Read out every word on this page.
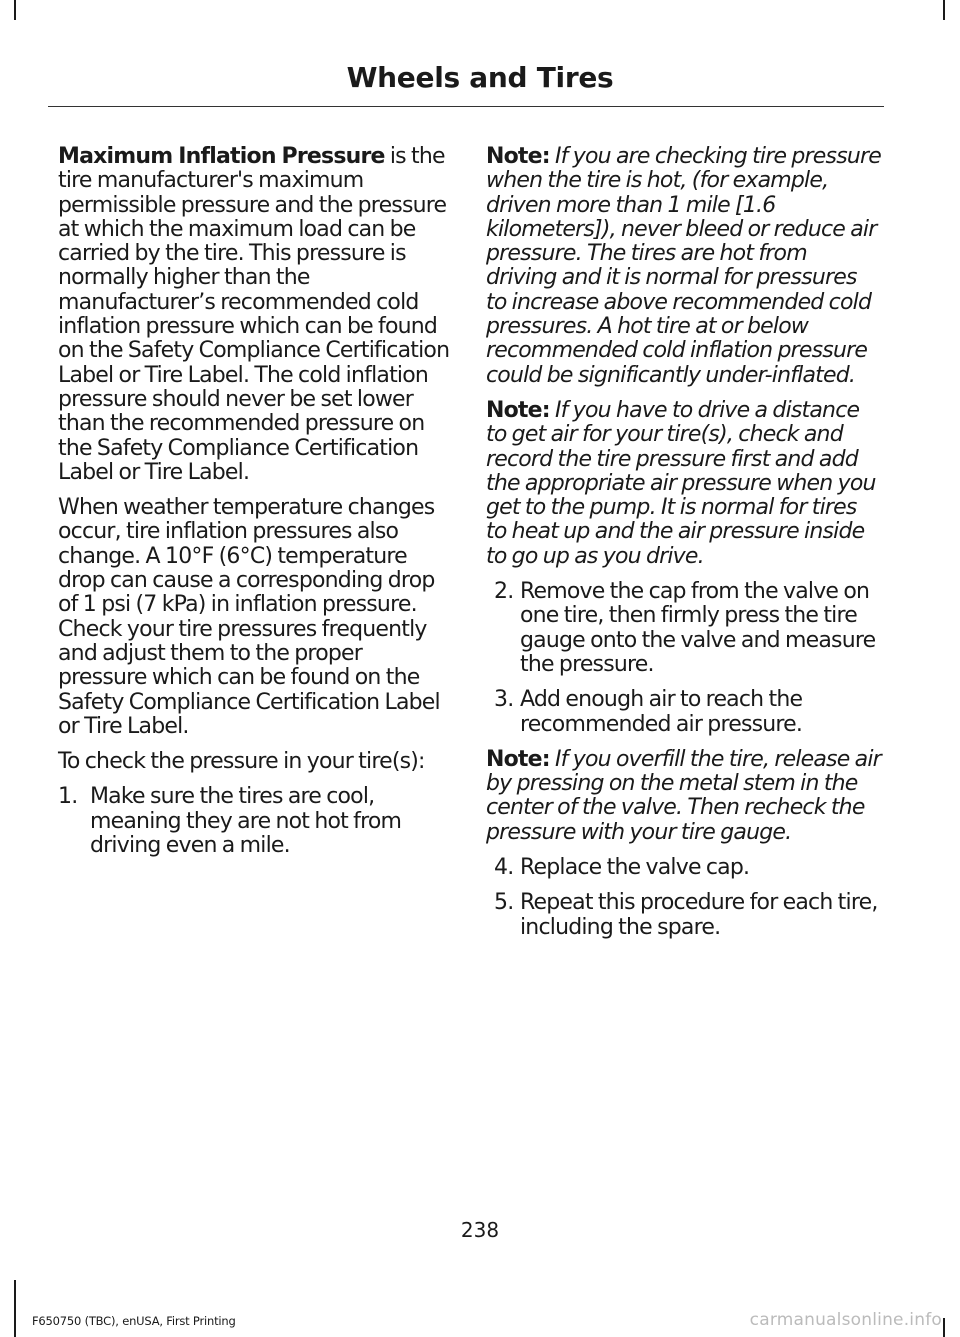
Wheels and Tires

Maximum Inflation Pressure is the tire manufacturer's maximum permissible pressure and the pressure at which the maximum load can be carried by the tire. This pressure is normally higher than the manufacturer’s recommended cold inflation pressure which can be found on the Safety Compliance Certification Label or Tire Label. The cold inflation pressure should never be set lower than the recommended pressure on the Safety Compliance Certification Label or Tire Label.

When weather temperature changes occur, tire inflation pressures also change. A 10°F (6°C) temperature drop can cause a corresponding drop of 1 psi (7 kPa) in inflation pressure. Check your tire pressures frequently and adjust them to the proper pressure which can be found on the Safety Compliance Certification Label or Tire Label.

To check the pressure in your tire(s):

1. Make sure the tires are cool, meaning they are not hot from driving even a mile.

Note: If you are checking tire pressure when the tire is hot, (for example, driven more than 1 mile [1.6 kilometers]), never bleed or reduce air pressure. The tires are hot from driving and it is normal for pressures to increase above recommended cold pressures. A hot tire at or below recommended cold inflation pressure could be significantly under-inflated.

Note: If you have to drive a distance to get air for your tire(s), check and record the tire pressure first and add the appropriate air pressure when you get to the pump. It is normal for tires to heat up and the air pressure inside to go up as you drive.

2. Remove the cap from the valve on one tire, then firmly press the tire gauge onto the valve and measure the pressure.
3. Add enough air to reach the recommended air pressure.

Note: If you overfill the tire, release air by pressing on the metal stem in the center of the valve. Then recheck the pressure with your tire gauge.

4. Replace the valve cap.
5. Repeat this procedure for each tire, including the spare.
238
F650750 (TBC), enUSA, First Printing	carmanualsonline.info
